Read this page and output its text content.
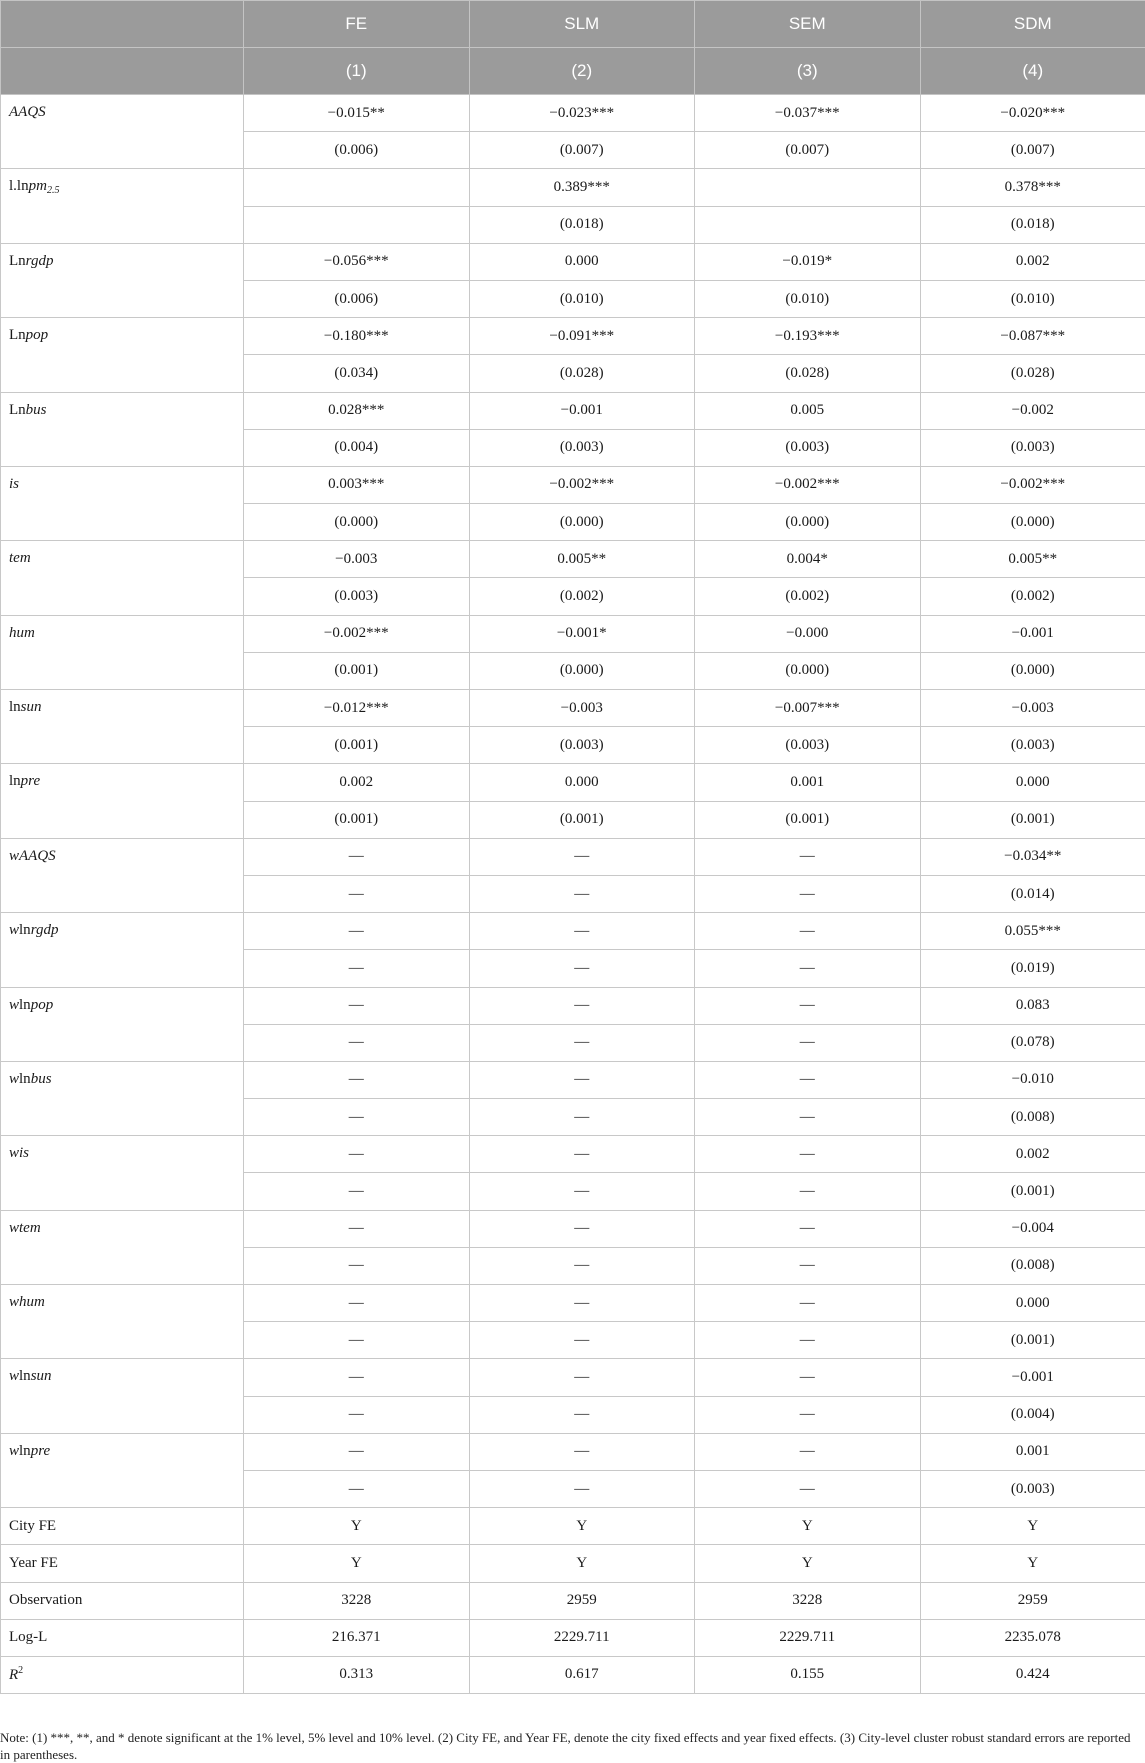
	FE	SLM	SEM	SDM
	(1)	(2)	(3)	(4)
AAQS	−0.015**	−0.023***	−0.037***	−0.020***
	(0.006)	(0.007)	(0.007)	(0.007)
l.lnpm$_{2.5}$		0.389***		0.378***
		(0.018)		(0.018)
Lnrgdp	−0.056***	0.000	−0.019*	0.002
	(0.006)	(0.010)	(0.010)	(0.010)
Lnpop	−0.180***	−0.091***	−0.193***	−0.087***
	(0.034)	(0.028)	(0.028)	(0.028)
Lnbus	0.028***	−0.001	0.005	−0.002
	(0.004)	(0.003)	(0.003)	(0.003)
is	0.003***	−0.002***	−0.002***	−0.002***
	(0.000)	(0.000)	(0.000)	(0.000)
tem	−0.003	0.005**	0.004*	0.005**
	(0.003)	(0.002)	(0.002)	(0.002)
hum	−0.002***	−0.001*	−0.000	−0.001
	(0.001)	(0.000)	(0.000)	(0.000)
lnsun	−0.012***	−0.003	−0.007***	−0.003
	(0.001)	(0.003)	(0.003)	(0.003)
lnpre	0.002	0.000	0.001	0.000
	(0.001)	(0.001)	(0.001)	(0.001)
wAAQS	—	—	—	−0.034**
	—	—	—	(0.014)
wlnrgdp	—	—	—	0.055***
	—	—	—	(0.019)
wlnpop	—	—	—	0.083
	—	—	—	(0.078)
wlnbus	—	—	—	−0.010
	—	—	—	(0.008)
wis	—	—	—	0.002
	—	—	—	(0.001)
wtem	—	—	—	−0.004
	—	—	—	(0.008)
whum	—	—	—	0.000
	—	—	—	(0.001)
wlnsun	—	—	—	−0.001
	—	—	—	(0.004)
wlnpre	—	—	—	0.001
	—	—	—	(0.003)
City FE	Y	Y	Y	Y
Year FE	Y	Y	Y	Y
Observation	3228	2959	3228	2959
Log-L	216.371	2229.711	2229.711	2235.078
$R^2$	0.313	0.617	0.155	0.424
Note: (1) ***, **, and * denote significant at the 1% level, 5% level and 10% level. (2) City FE, and Year FE, denote the city fixed effects and year fixed effects. (3) City-level cluster robust standard errors are reported in parentheses.
